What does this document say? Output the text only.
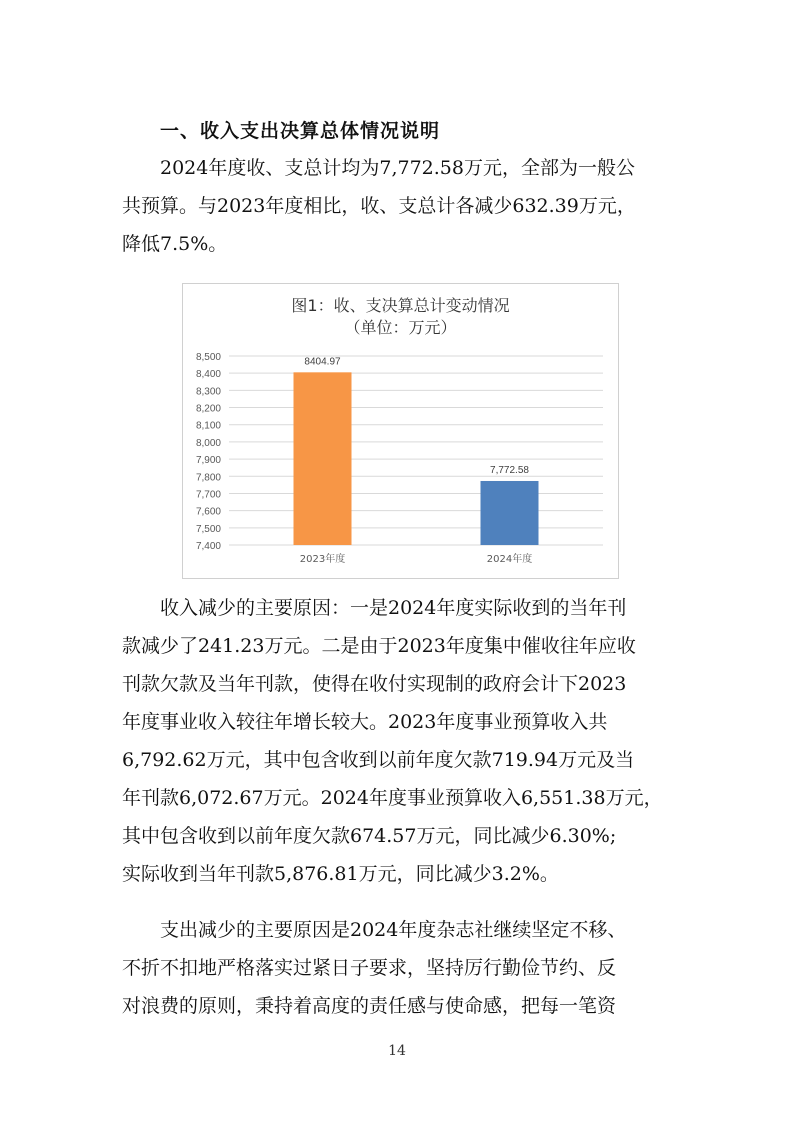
一、收入支出决算总体情况说明
2024年度收、支总计均为7,772.58万元，全部为一般公
共预算。与2023年度相比，收、支总计各减少632.39万元，
降低7.5%。
图1：收、支决算总计变动情况
（单位：万元）
7,400
7,500
7,600
7,700
7,800
7,900
8,000
8,100
8,200
8,300
8,400
8,500	8404.97
2023年度
7,772.58
2024年度
收入减少的主要原因：一是2024年度实际收到的当年刊
款减少了241.23万元。二是由于2023年度集中催收往年应收
刊款欠款及当年刊款，使得在收付实现制的政府会计下2023
年度事业收入较往年增长较大。2023年度事业预算收入共
6,792.62万元，其中包含收到以前年度欠款719.94万元及当
年刊款6,072.67万元。2024年度事业预算收入6,551.38万元，
其中包含收到以前年度欠款674.57万元，同比减少6.30%;
实际收到当年刊款5,876.81万元，同比减少3.2%。
支出减少的主要原因是2024年度杂志社继续坚定不移、
不折不扣地严格落实过紧日子要求，坚持厉行勤俭节约、反
对浪费的原则，秉持着高度的责任感与使命感，把每一笔资
14
